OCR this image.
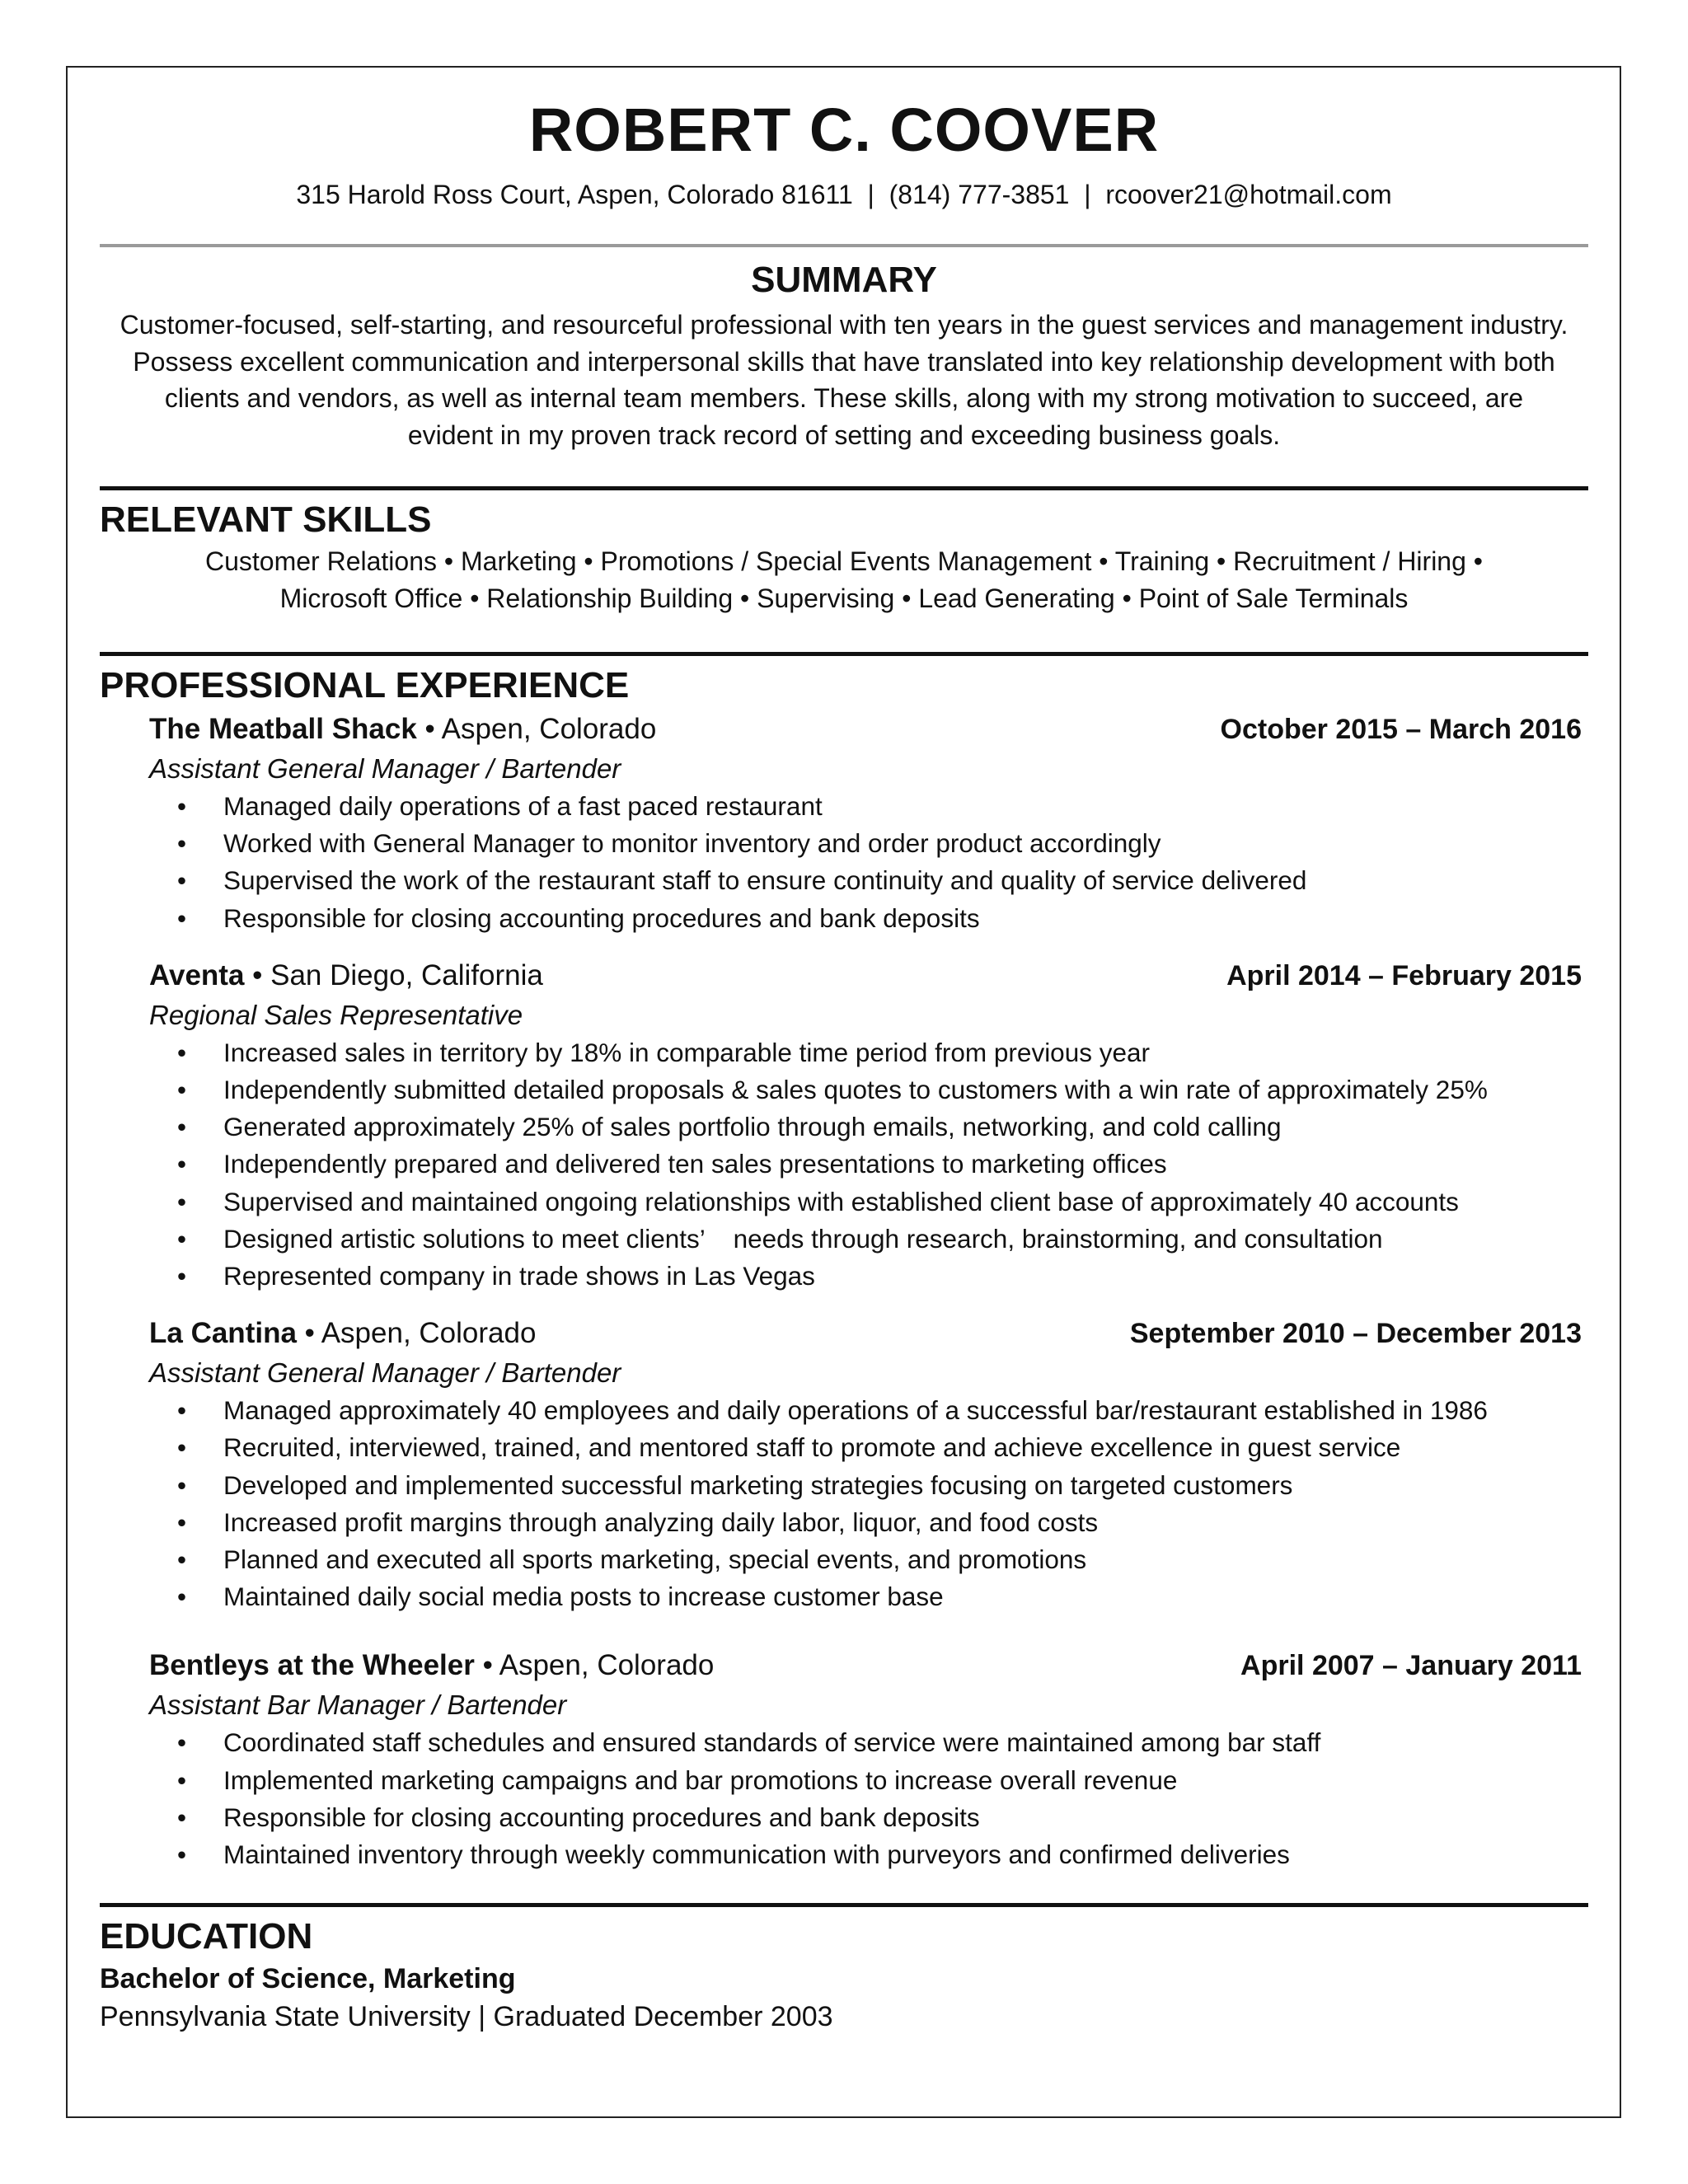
ROBERT C. COOVER
315 Harold Ross Court, Aspen, Colorado 81611  |  (814) 777-3851  |  rcoover21@hotmail.com
SUMMARY
Customer-focused, self-starting, and resourceful professional with ten years in the guest services and management industry. Possess excellent communication and interpersonal skills that have translated into key relationship development with both clients and vendors, as well as internal team members. These skills, along with my strong motivation to succeed, are evident in my proven track record of setting and exceeding business goals.
RELEVANT SKILLS
Customer Relations • Marketing • Promotions / Special Events Management • Training • Recruitment / Hiring •
Microsoft Office • Relationship Building • Supervising • Lead Generating • Point of Sale Terminals
PROFESSIONAL EXPERIENCE
The Meatball Shack • Aspen, Colorado	October 2015 – March 2016
Assistant General Manager / Bartender
• Managed daily operations of a fast paced restaurant
• Worked with General Manager to monitor inventory and order product accordingly
• Supervised the work of the restaurant staff to ensure continuity and quality of service delivered
• Responsible for closing accounting procedures and bank deposits
Aventa • San Diego, California	April 2014 – February 2015
Regional Sales Representative
• Increased sales in territory by 18% in comparable time period from previous year
• Independently submitted detailed proposals & sales quotes to customers with a win rate of approximately 25%
• Generated approximately 25% of sales portfolio through emails, networking, and cold calling
• Independently prepared and delivered ten sales presentations to marketing offices
• Supervised and maintained ongoing relationships with established client base of approximately 40 accounts
• Designed artistic solutions to meet clients’    needs through research, brainstorming, and consultation
• Represented company in trade shows in Las Vegas
La Cantina • Aspen, Colorado	September 2010 – December 2013
Assistant General Manager / Bartender
• Managed approximately 40 employees and daily operations of a successful bar/restaurant established in 1986
• Recruited, interviewed, trained, and mentored staff to promote and achieve excellence in guest service
• Developed and implemented successful marketing strategies focusing on targeted customers
• Increased profit margins through analyzing daily labor, liquor, and food costs
• Planned and executed all sports marketing, special events, and promotions
• Maintained daily social media posts to increase customer base
Bentleys at the Wheeler • Aspen, Colorado	April 2007 – January 2011
Assistant Bar Manager / Bartender
• Coordinated staff schedules and ensured standards of service were maintained among bar staff
• Implemented marketing campaigns and bar promotions to increase overall revenue
• Responsible for closing accounting procedures and bank deposits
• Maintained inventory through weekly communication with purveyors and confirmed deliveries
EDUCATION
Bachelor of Science, Marketing
Pennsylvania State University | Graduated December 2003
